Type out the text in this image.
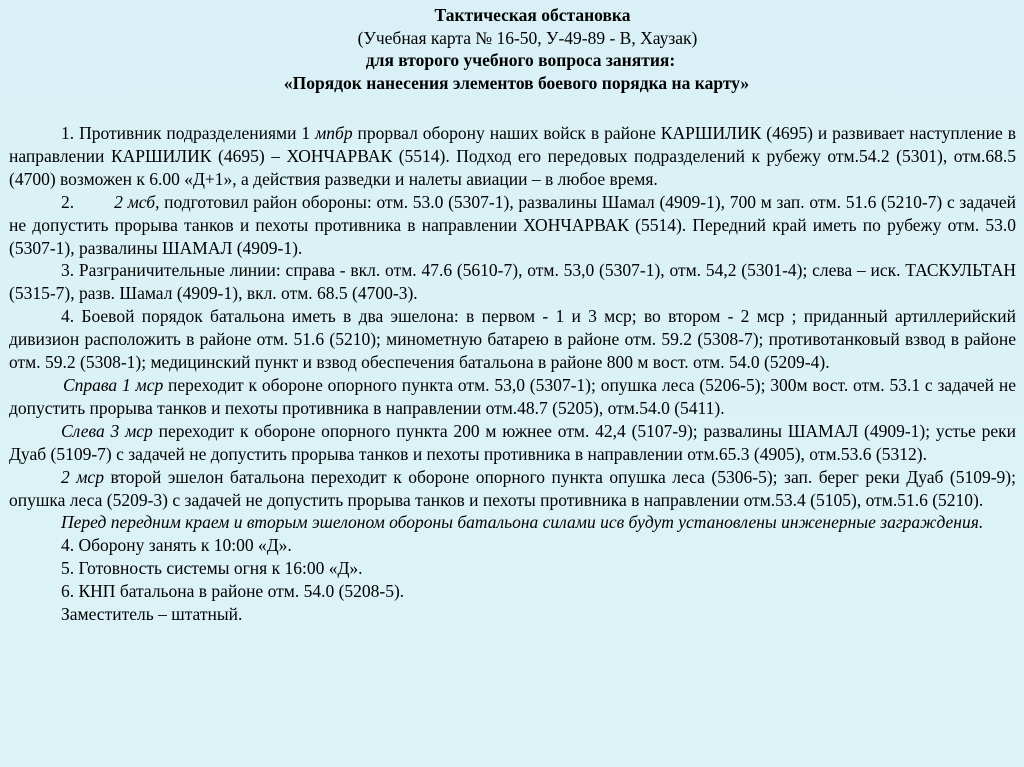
Тактическая обстановка
(Учебная карта № 16-50, У-49-89 - В, Хаузак)
для второго учебного вопроса занятия:
«Порядок нанесения элементов боевого порядка на карту»

1. Противник подразделениями 1 мпбр прорвал оборону наших войск в районе КАРШИЛИК (4695) и развивает наступление в направлении КАРШИЛИК (4695) – ХОНЧАРВАК (5514). Подход его передовых подразделений к рубежу отм.54.2 (5301), отм.68.5 (4700) возможен к 6.00 «Д+1», а действия разведки и налеты авиации – в любое время.

2. 2 мсб, подготовил район обороны: отм. 53.0 (5307-1), развалины Шамал (4909-1), 700 м зап. отм. 51.6 (5210-7) с задачей не допустить прорыва танков и пехоты противника в направлении ХОНЧАРВАК (5514). Передний край иметь по рубежу отм. 53.0 (5307-1), развалины ШАМАЛ (4909-1).

3. Разграничительные линии: справа - вкл. отм. 47.6 (5610-7), отм. 53,0 (5307-1), отм. 54,2 (5301-4); слева – иск. ТАСКУЛЬТАН (5315-7), разв. Шамал (4909-1), вкл. отм. 68.5 (4700-3).

4. Боевой порядок батальона иметь в два эшелона: в первом - 1 и 3 мср; во втором - 2 мср ; приданный артиллерийский дивизион расположить в районе отм. 51.6 (5210); минометную батарею в районе отм. 59.2 (5308-7); противотанковый взвод в районе отм. 59.2 (5308-1); медицинский пункт и взвод обеспечения батальона в районе 800 м вост. отм. 54.0 (5209-4).

Справа 1 мср переходит к обороне опорного пункта отм. 53,0 (5307-1); опушка леса (5206-5); 300м вост. отм. 53.1 с задачей не допустить прорыва танков и пехоты противника в направлении отм.48.7 (5205), отм.54.0 (5411).

Слева 3 мср переходит к обороне опорного пункта 200 м южнее отм. 42,4 (5107-9); развалины ШАМАЛ (4909-1); устье реки Дуаб (5109-7) с задачей не допустить прорыва танков и пехоты противника в направлении отм.65.3 (4905), отм.53.6 (5312).

2 мср второй эшелон батальона переходит к обороне опорного пункта опушка леса (5306-5); зап. берег реки Дуаб (5109-9); опушка леса (5209-3) с задачей не допустить прорыва танков и пехоты противника в направлении отм.53.4 (5105), отм.51.6 (5210).

Перед передним краем и вторым эшелоном обороны батальона силами исв будут установлены инженерные заграждения.

4. Оборону занять к 10:00 «Д».

5. Готовность системы огня к 16:00 «Д».

6. КНП батальона в районе отм. 54.0 (5208-5).

Заместитель – штатный.
